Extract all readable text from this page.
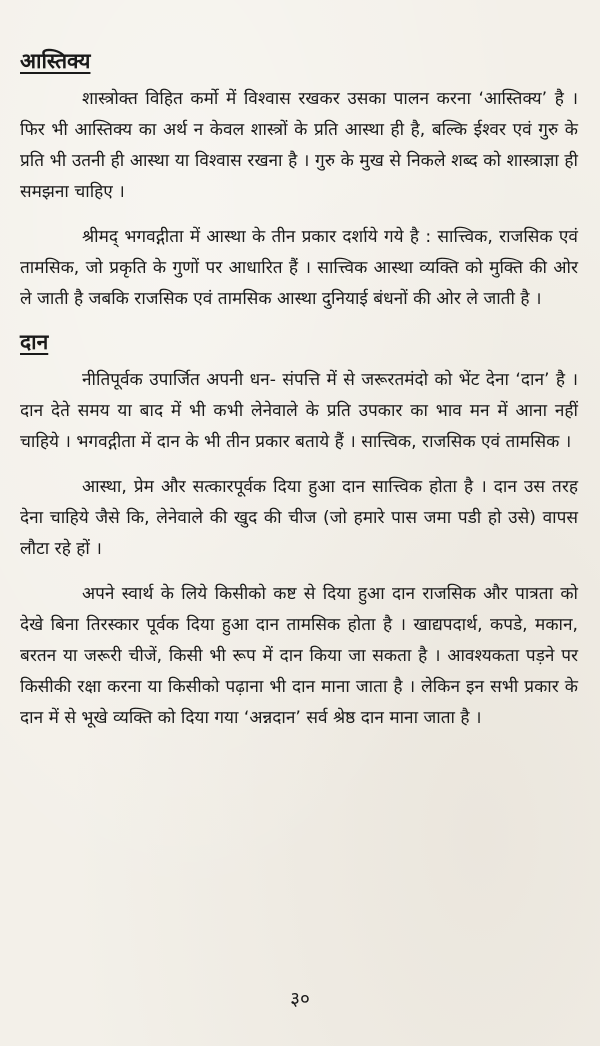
आस्तिक्य

शास्त्रोक्त विहित कर्मो में विश्वास रखकर उसका पालन करना ‘आस्तिक्य’ है । फिर भी आस्तिक्य का अर्थ न केवल शास्त्रों के प्रति आस्था ही है, बल्कि ईश्वर एवं गुरु के प्रति भी उतनी ही आस्था या विश्वास रखना है । गुरु के मुख से निकले शब्द को शास्त्राज्ञा ही समझना चाहिए ।

श्रीमद् भगवद्गीता में आस्था के तीन प्रकार दर्शाये गये है : सात्त्विक, राजसिक एवं तामसिक, जो प्रकृति के गुणों पर आधारित हैं । सात्त्विक आस्था व्यक्ति को मुक्ति की ओर ले जाती है जबकि राजसिक एवं तामसिक आस्था दुनियाई बंधनों की ओर ले जाती है ।

दान

नीतिपूर्वक उपार्जित अपनी धन- संपत्ति में से जरूरतमंदो को भेंट देना ‘दान’ है । दान देते समय या बाद में भी कभी लेनेवाले के प्रति उपकार का भाव मन में आना नहीं चाहिये । भगवद्गीता में दान के भी तीन प्रकार बताये हैं । सात्त्विक, राजसिक एवं तामसिक ।

आस्था, प्रेम और सत्कारपूर्वक दिया हुआ दान सात्त्विक होता है । दान उस तरह देना चाहिये जैसे कि, लेनेवाले की खुद की चीज (जो हमारे पास जमा पडी हो उसे) वापस लौटा रहे हों ।

अपने स्वार्थ के लिये किसीको कष्ट से दिया हुआ दान राजसिक और पात्रता को देखे बिना तिरस्कार पूर्वक दिया हुआ दान तामसिक होता है । खाद्यपदार्थ, कपडे, मकान, बरतन या जरूरी चीजें, किसी भी रूप में दान किया जा सकता है । आवश्यकता पड़ने पर किसीकी रक्षा करना या किसीको पढ़ाना भी दान माना जाता है । लेकिन इन सभी प्रकार के दान में से भूखे व्यक्ति को दिया गया ‘अन्नदान’ सर्व श्रेष्ठ दान माना जाता है ।

३०
